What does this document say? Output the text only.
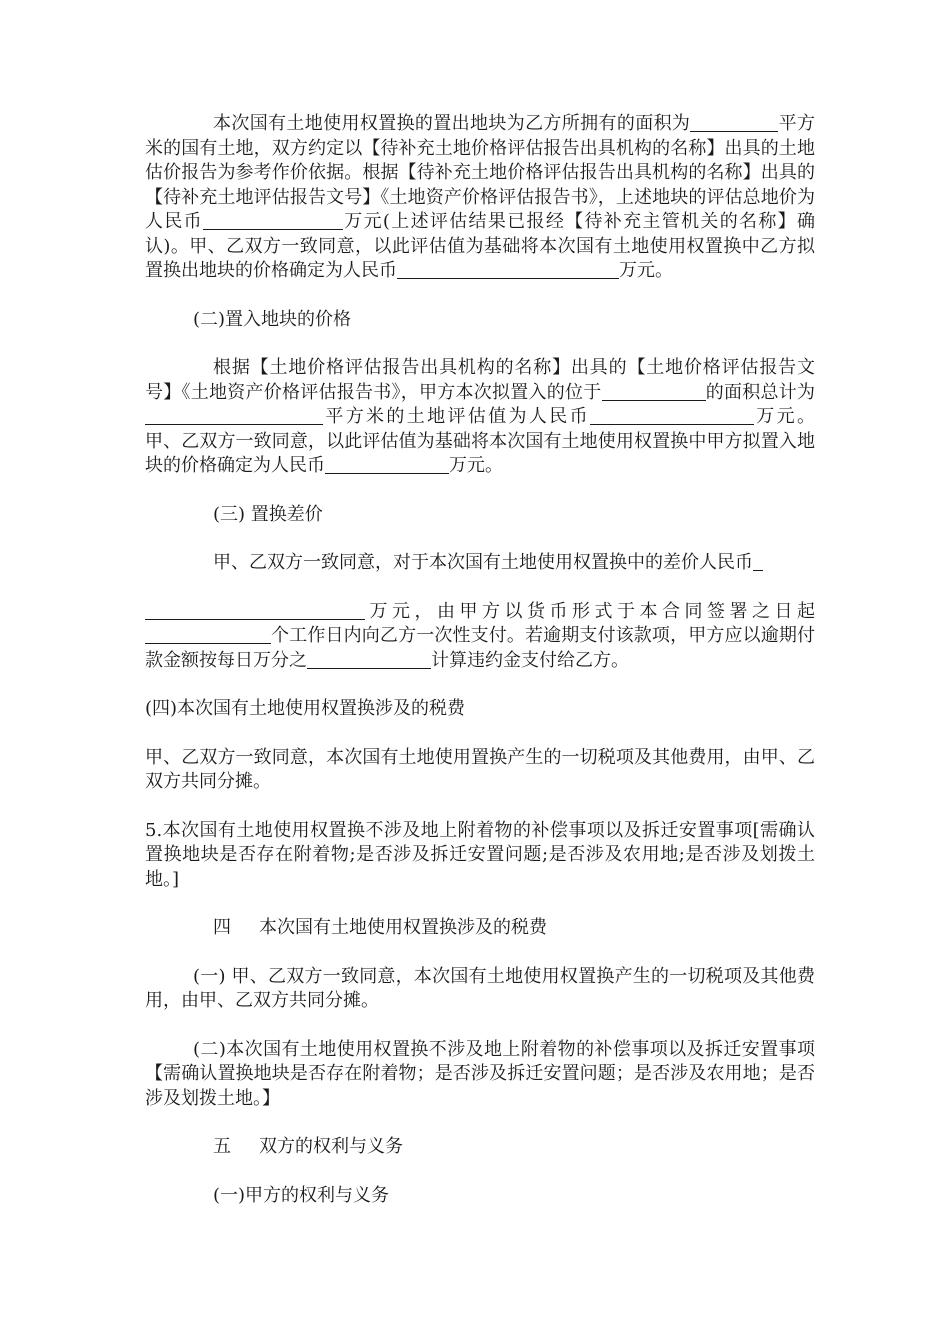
本次国有土地使用权置换的置出地块为乙方所拥有的面积为	平方米的国有土地，双方约定以【待补充土地价格评估报告出具机构的名称】出具的土地估价报告为参考作价依据。根据【待补充土地价格评估报告出具机构的名称】出具的【待补充土地评估报告文号】《土地资产价格评估报告书》，上述地块的评估总地价为人民币	万元(上述评估结果已报经【待补充主管机关的名称】确认)。甲、乙双方一致同意，以此评估值为基础将本次国有土地使用权置换中乙方拟置换出地块的价格确定为人民币	万元。

(二)置入地块的价格

根据【土地价格评估报告出具机构的名称】出具的【土地价格评估报告文号】《土地资产价格评估报告书》，甲方本次拟置入的位于	的面积总计为平方米的土地评估值为人民币	万元。 甲、乙双方一致同意，以此评估值为基础将本次国有土地使用权置换中甲方拟置入地块的价格确定为人民币	万元。

(三) 置换差价

甲、乙双方一致同意，对于本次国有土地使用权置换中的差价人民币

万元，由甲方以货币形式于本合同签署之日起个工作日内向乙方一次性支付。若逾期支付该款项，甲方应以逾期付款金额按每日万分之	计算违约金支付给乙方。

(四)本次国有土地使用权置换涉及的税费

甲、乙双方一致同意，本次国有土地使用置换产生的一切税项及其他费用，由甲、乙双方共同分摊。

5.本次国有土地使用权置换不涉及地上附着物的补偿事项以及拆迁安置事项[需确认置换地块是否存在附着物;是否涉及拆迁安置问题;是否涉及农用地;是否涉及划拨土地。]

四 本次国有土地使用权置换涉及的税费

(一) 甲、乙双方一致同意，本次国有土地使用权置换产生的一切税项及其他费用，由甲、乙双方共同分摊。

(二)本次国有土地使用权置换不涉及地上附着物的补偿事项以及拆迁安置事项【需确认置换地块是否存在附着物；是否涉及拆迁安置问题；是否涉及农用地；是否涉及划拨土地。】

五 双方的权利与义务

(一)甲方的权利与义务
